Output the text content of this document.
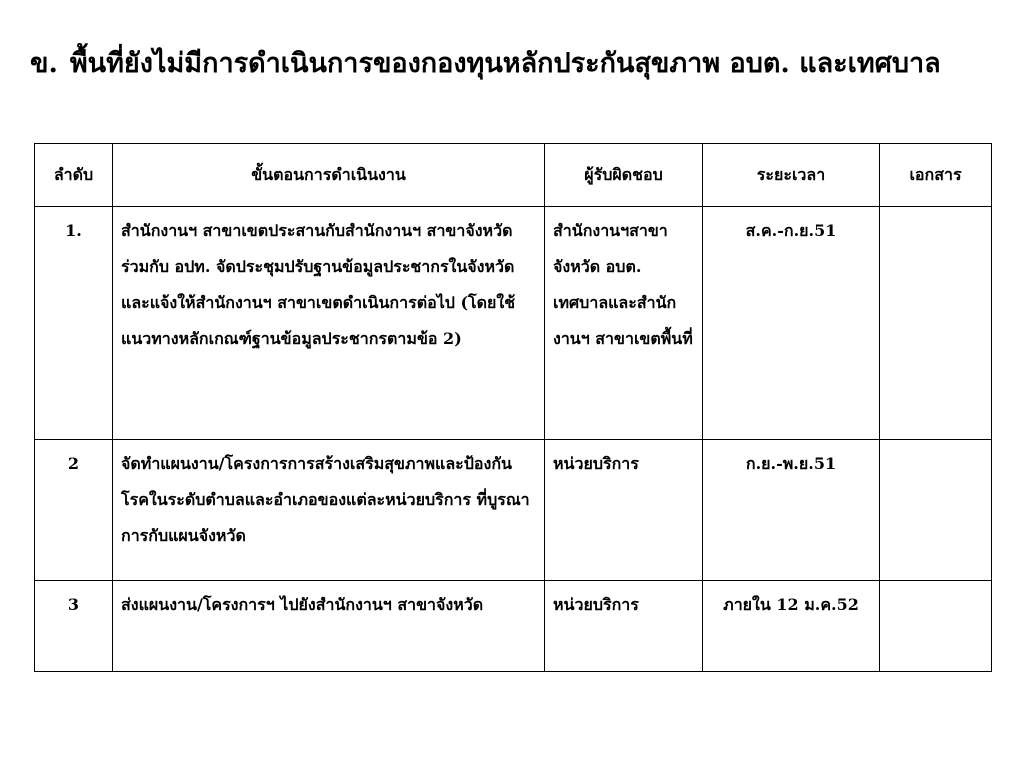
ข. พื้นที่ยังไม่มีการดำเนินการของกองทุนหลักประกันสุขภาพ อบต. และเทศบาล
ลำดับ	ขั้นตอนการดำเนินงาน	ผู้รับผิดชอบ	ระยะเวลา	เอกสาร
1.	สำนักงานฯ สาขาเขตประสานกับสำนักงานฯ สาขาจังหวัดร่วมกับ อปท. จัดประชุมปรับฐานข้อมูลประชากรในจังหวัด และแจ้งให้สำนักงานฯ สาขาเขตดำเนินการต่อไป (โดยใช้แนวทางหลักเกณฑ์ฐานข้อมูลประชากรตามข้อ 2)	สำนักงานฯสาขาจังหวัด อบต. เทศบาลและสำนักงานฯ สาขาเขตพื้นที่	ส.ค.-ก.ย.51	
2	จัดทำแผนงาน/โครงการการสร้างเสริมสุขภาพและป้องกันโรคในระดับตำบลและอำเภอของแต่ละหน่วยบริการ ที่บูรณาการกับแผนจังหวัด	หน่วยบริการ	ก.ย.-พ.ย.51	
3	ส่งแผนงาน/โครงการฯ ไปยังสำนักงานฯ สาขาจังหวัด	หน่วยบริการ	ภายใน 12 ม.ค.52	
